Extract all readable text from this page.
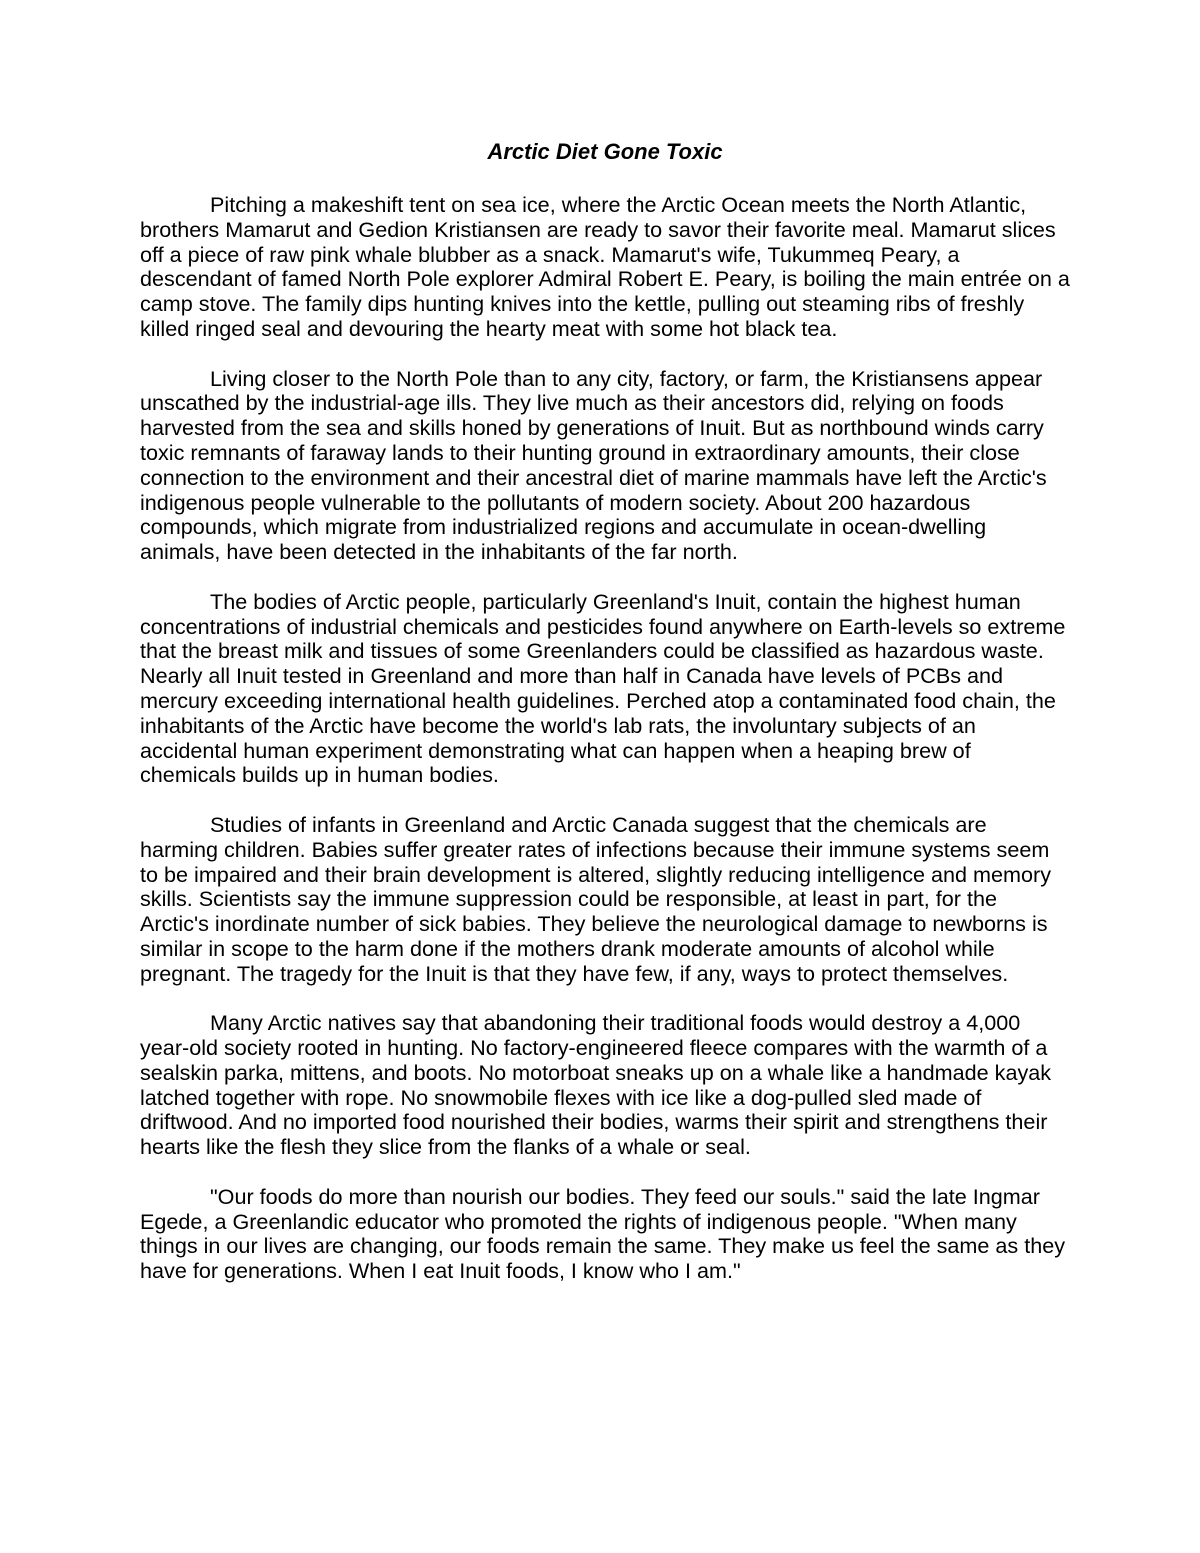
Arctic Diet Gone Toxic

Pitching a makeshift tent on sea ice, where the Arctic Ocean meets the North Atlantic, brothers Mamarut and Gedion Kristiansen are ready to savor their favorite meal. Mamarut slices off a piece of raw pink whale blubber as a snack. Mamarut's wife, Tukummeq Peary, a descendant of famed North Pole explorer Admiral Robert E. Peary, is boiling the main entrée on a camp stove. The family dips hunting knives into the kettle, pulling out steaming ribs of freshly killed ringed seal and devouring the hearty meat with some hot black tea.

Living closer to the North Pole than to any city, factory, or farm, the Kristiansens appear unscathed by the industrial-age ills. They live much as their ancestors did, relying on foods harvested from the sea and skills honed by generations of Inuit. But as northbound winds carry toxic remnants of faraway lands to their hunting ground in extraordinary amounts, their close connection to the environment and their ancestral diet of marine mammals have left the Arctic's indigenous people vulnerable to the pollutants of modern society. About 200 hazardous compounds, which migrate from industrialized regions and accumulate in ocean-dwelling animals, have been detected in the inhabitants of the far north.

The bodies of Arctic people, particularly Greenland's Inuit, contain the highest human concentrations of industrial chemicals and pesticides found anywhere on Earth-levels so extreme that the breast milk and tissues of some Greenlanders could be classified as hazardous waste. Nearly all Inuit tested in Greenland and more than half in Canada have levels of PCBs and mercury exceeding international health guidelines. Perched atop a contaminated food chain, the inhabitants of the Arctic have become the world's lab rats, the involuntary subjects of an accidental human experiment demonstrating what can happen when a heaping brew of chemicals builds up in human bodies.

Studies of infants in Greenland and Arctic Canada suggest that the chemicals are harming children. Babies suffer greater rates of infections because their immune systems seem to be impaired and their brain development is altered, slightly reducing intelligence and memory skills. Scientists say the immune suppression could be responsible, at least in part, for the Arctic's inordinate number of sick babies. They believe the neurological damage to newborns is similar in scope to the harm done if the mothers drank moderate amounts of alcohol while pregnant. The tragedy for the Inuit is that they have few, if any, ways to protect themselves.

Many Arctic natives say that abandoning their traditional foods would destroy a 4,000 year-old society rooted in hunting. No factory-engineered fleece compares with the warmth of a sealskin parka, mittens, and boots. No motorboat sneaks up on a whale like a handmade kayak latched together with rope. No snowmobile flexes with ice like a dog-pulled sled made of driftwood. And no imported food nourished their bodies, warms their spirit and strengthens their hearts like the flesh they slice from the flanks of a whale or seal.

"Our foods do more than nourish our bodies. They feed our souls." said the late Ingmar Egede, a Greenlandic educator who promoted the rights of indigenous people. "When many things in our lives are changing, our foods remain the same. They make us feel the same as they have for generations. When I eat Inuit foods, I know who I am."
